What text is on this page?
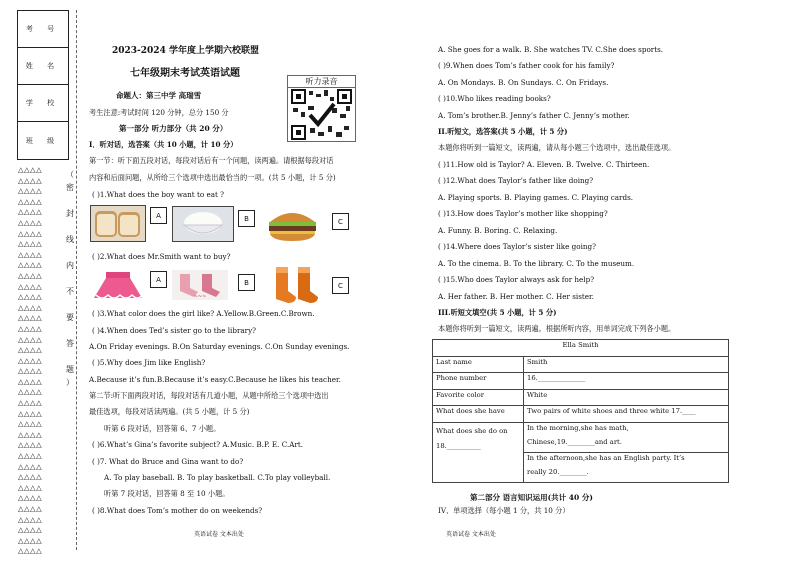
考 号
姓 名
学 校
班 级
△△△△
△△△△
△△△△
△△△△
△△△△
△△△△
△△△△
△△△△
△△△△
△△△△
△△△△
△△△△
△△△△
△△△△
△△△△
△△△△
△△△△
△△△△
△△△△
△△△△
△△△△
△△△△
△△△△
△△△△
△△△△
△△△△
△△△△
△△△△
△△△△
△△△△
△△△△
△△△△
△△△△
△△△△
△△△△
△△△△
△△△△
（
密
封
线
内
不
要
答
题
）
2023-2024 学年度上学期六校联盟
七年级期末考试英语试题
命题人：第三中学 高瑞雪
考生注意:考试时间 120 分钟，总分 150 分
听力录音
第一部分 听力部分（共 20 分）
I．听对话，选答案（共 10 小题，计 10 分）
第一节：听下面五段对话，每段对话后有一个问题，读两遍。请根据每段对话
内容和后面问题，从所给三个选项中选出最恰当的一项。(共 5 小题，计 5 分)
( )1.What does the boy want to eat ?
A	B	C
( )2.What does Mr.Smith want to buy?
A
~~~
B	C
( )3.What color does the girl like? A.Yellow.B.Green.C.Brown.
( )4.When does Ted’s sister go to the library?
A.On Friday evenings. B.On Saturday evenings. C.On Sunday evenings.
( )5.Why does Jim like English?
A.Because it’s fun.B.Because it’s easy.C.Because he likes his teacher.
第二节:听下面两段对话，每段对话有几道小题，从题中所给三个选项中选出
最佳选项，每段对话读两遍。(共 5 小题，计 5 分)
听第 6 段对话，回答第 6、7 小题。
( )6.What’s Gina’s favorite subject? A.Music. B.P. E. C.Art.
( )7. What do Bruce and Gina want to do?
A. To play baseball. B. To play basketball. C.To play volleyball.
听第 7 段对话，回答第 8 至 10 小题。
( )8.What does Tom’s mother do on weekends?
英语试卷 文本出处
A. She goes for a walk. B. She watches TV. C.She does sports.
( )9.When does Tom’s father cook for his family?
A. On Mondays. B. On Sundays. C. On Fridays.
( )10.Who likes reading books?
A. Tom’s brother.B. Jenny’s father C. Jenny’s mother.
II.听短文，选答案(共 5 小题，计 5 分)
本题你将听到一篇短文，读两遍，请从每小题三个选项中，选出最佳选项。
( )11.How old is Taylor? A. Eleven. B. Twelve. C. Thirteen.
( )12.What does Taylor’s father like doing?
A. Playing sports. B. Playing games. C. Playing cards.
( )13.How does Taylor’s mother like shopping?
A. Funny. B. Boring. C. Relaxing.
( )14.Where does Taylor’s sister like going?
A. To the cinema. B. To the library. C. To the museum.
( )15.Who does Taylor always ask for help?
A. Her father. B. Her mother. C. Her sister.
III.听短文填空(共 5 小题，计 5 分)
本题你将听到一篇短文，读两遍。根据所听内容，用单词完成下列各小题。
Ella Smith	
Last name	Smith
Phone number	16.______________
Favorite color	White
What does she have	Two pairs of white shoes and three white 17.____

What does she do on
18.__________	In the morning,she has math,
	Chinese,19.________and art.
	In the afternoon,she has an English party. It’s
	really 20.________.
第二部分 语言知识运用(共计 40 分)
IV、单项选择（每小题 1 分，共 10 分）
英语试卷 文本出处
